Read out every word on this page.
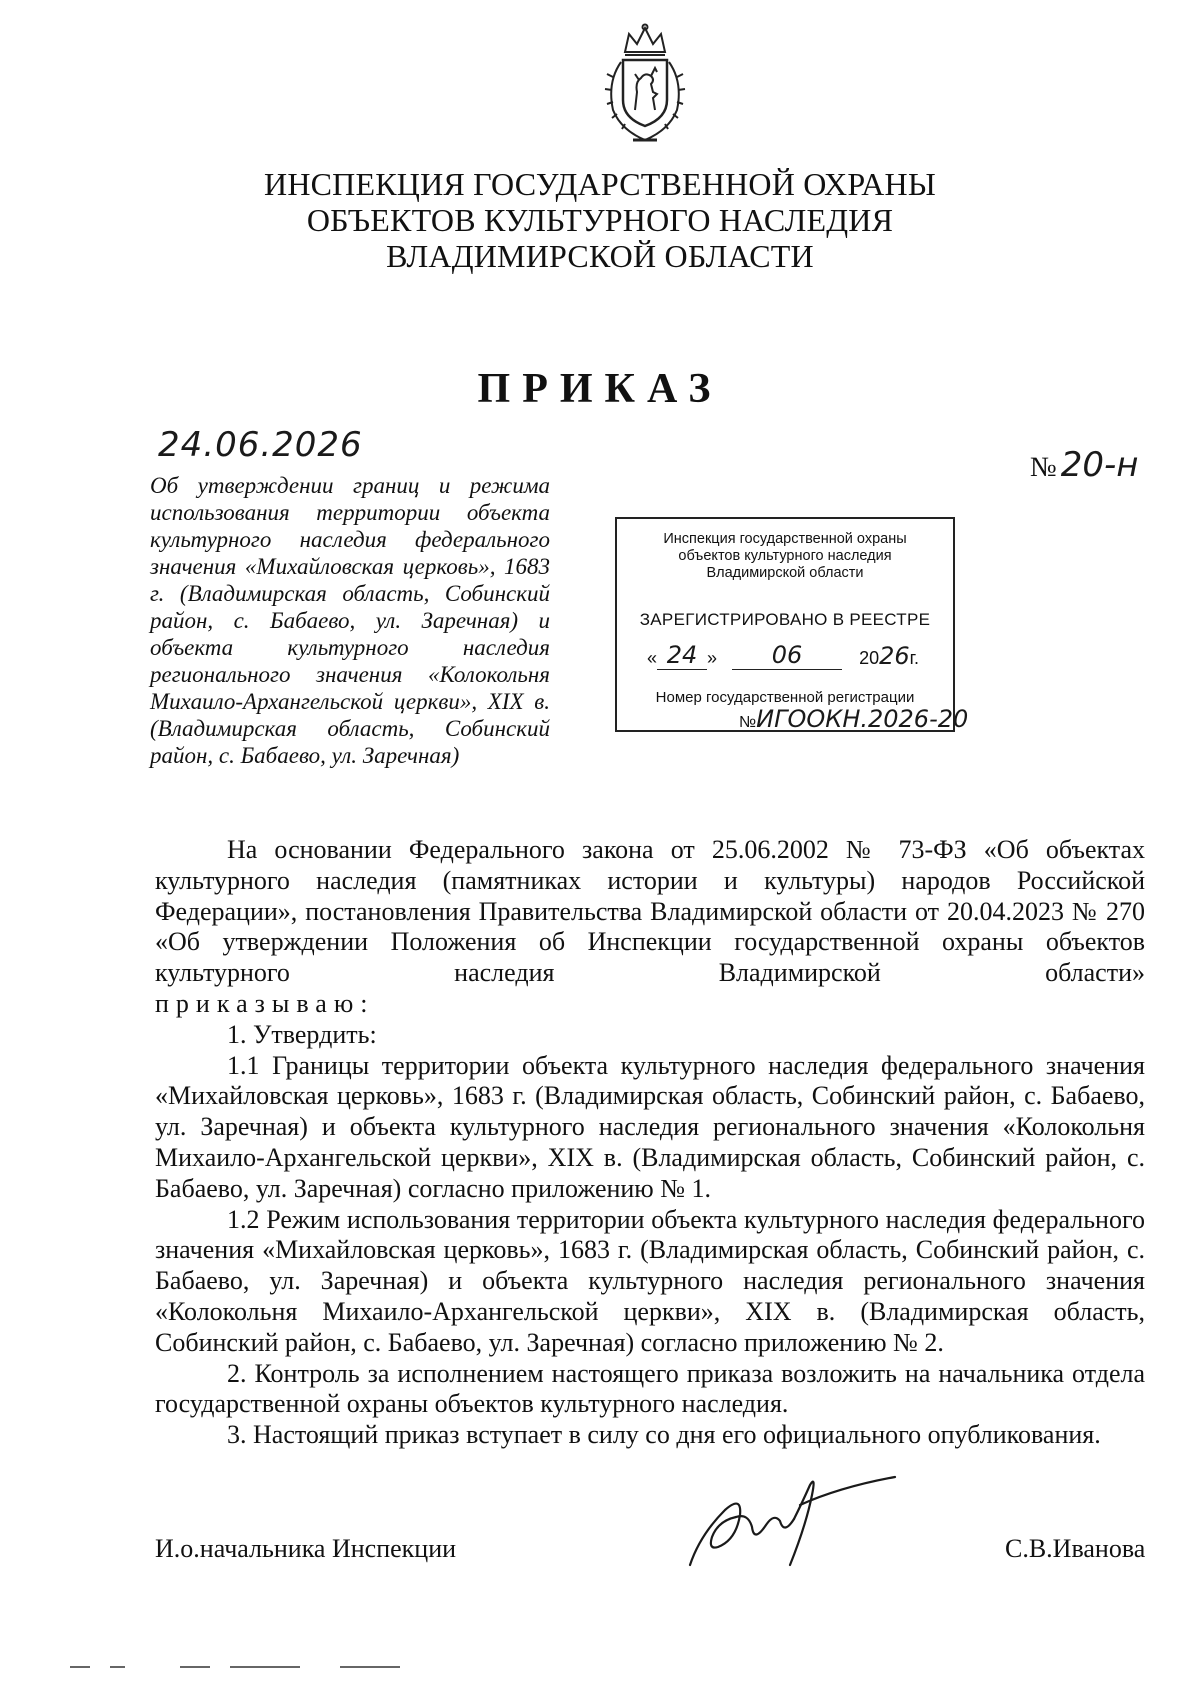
ИНСПЕКЦИЯ ГОСУДАРСТВЕННОЙ ОХРАНЫ
ОБЪЕКТОВ КУЛЬТУРНОГО НАСЛЕДИЯ
ВЛАДИМИРСКОЙ ОБЛАСТИ
ПРИКАЗ
24.06.2026
№ 20-н
Об утверждении границ и режима использования территории объекта культурного наследия федерального значения «Михайловская церковь», 1683 г. (Владимирская область, Собинский район, с. Бабаево, ул. Заречная) и объекта культурного наследия регионального значения «Колокольня Михаило-Архангельской церкви», XIX в. (Владимирская область, Собинский район, с. Бабаево, ул. Заречная)
Инспекция государственной охраны
объектов культурного наследия
Владимирской области
ЗАРЕГИСТРИРОВАНО В РЕЕСТРЕ
« 24 » 06	2026г.
Номер государственной регистрации
№ИГООКН.2026-20

На основании Федерального закона от 25.06.2002 № 73-ФЗ «Об объектах культурного наследия (памятниках истории и культуры) народов Российской Федерации», постановления Правительства Владимирской области от 20.04.2023 № 270 «Об утверждении Положения об Инспекции государственной охраны объектов культурного наследия Владимирской области»

приказываю:

1. Утвердить:

1.1 Границы территории объекта культурного наследия федерального значения «Михайловская церковь», 1683 г. (Владимирская область, Собинский район, с. Бабаево, ул. Заречная) и объекта культурного наследия регионального значения «Колокольня Михаило-Архангельской церкви», XIX в. (Владимирская область, Собинский район, с. Бабаево, ул. Заречная) согласно приложению № 1.

1.2 Режим использования территории объекта культурного наследия федерального значения «Михайловская церковь», 1683 г. (Владимирская область, Собинский район, с. Бабаево, ул. Заречная) и объекта культурного наследия регионального значения «Колокольня Михаило-Архангельской церкви», XIX в. (Владимирская область, Собинский район, с. Бабаево, ул. Заречная) согласно приложению № 2.

2. Контроль за исполнением настоящего приказа возложить на начальника отдела государственной охраны объектов культурного наследия.

3. Настоящий приказ вступает в силу со дня его официального опубликования.

И.о.начальника Инспекции	С.В.Иванова
